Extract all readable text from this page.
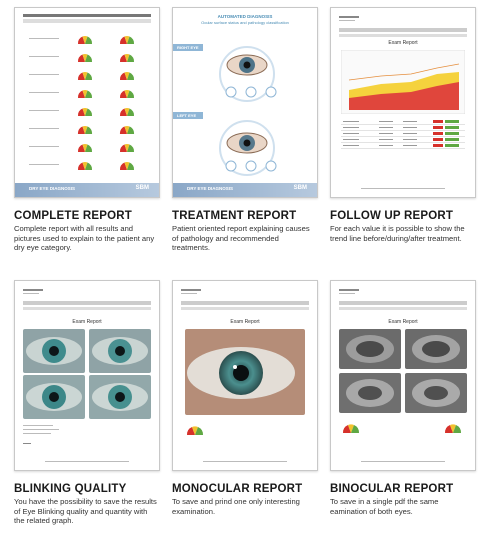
DRY EYE DIAGNOSIS	SBM
COMPLETE REPORT
Complete report with all results and pictures used to explain to the patient any dry eye category.
AUTOMATED DIAGNOSIS
Ocular surface status and pathology classification
RIGHT EYE
LEFT EYE
DRY EYE DIAGNOSIS	SBM
TREATMENT REPORT
Patient oriented report explaining causes of pathology and recommended treatments.
Exam Report
FOLLOW UP REPORT
For each value it is possible to show the trend line before/during/after treatment.
Exam Report
BLINKING QUALITY
You have the possibility to save the results of Eye Blinking quality and quantity with the related graph.
Exam Report
MONOCULAR REPORT
To save and prind one only interesting examination.
Exam Report
BINOCULAR REPORT
To save in a single pdf the same eamination of both eyes.
